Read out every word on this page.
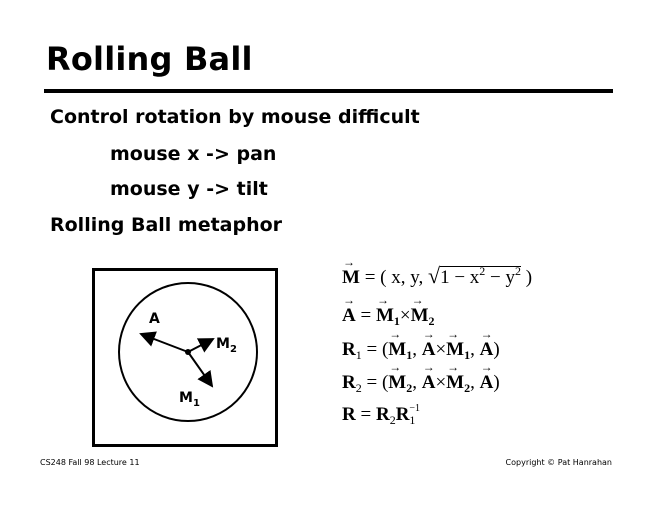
Rolling Ball
Control rotation by mouse difficult
mouse x -> pan
mouse y -> tilt
Rolling Ball metaphor
A
$M_2$
$M_1$
→ M = ( x, y, $√1 - x^2 - y^2$ )
→ A = → $M_1\times\to M_2$
$R_1$ = (→ $M_1$, → $A\times\to M_1$, → A)
$R_2$ = (→ $M_2$, → $A\times\to M_2$, → A)
$R = R_2R -1$
1
CS248 Fall 98 Lecture 11	Copyright © Pat Hanrahan
